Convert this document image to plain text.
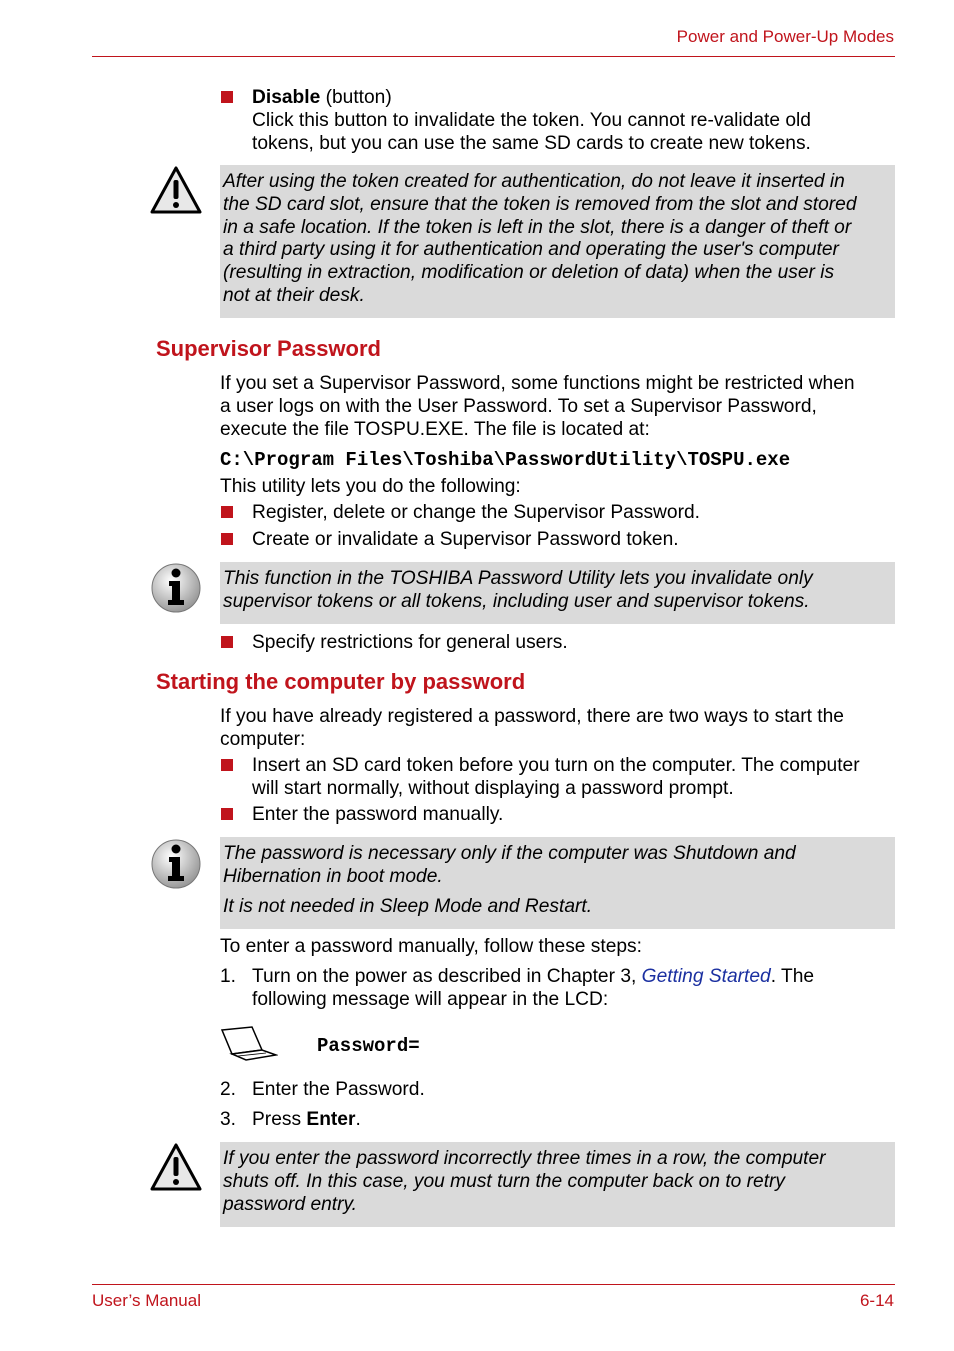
Power and Power-Up Modes
Disable (button)
Click this button to invalidate the token. You cannot re-validate old
tokens, but you can use the same SD cards to create new tokens.

After using the token created for authentication, do not leave it inserted in

the SD card slot, ensure that the token is removed from the slot and stored

in a safe location. If the token is left in the slot, there is a danger of theft or

a third party using it for authentication and operating the user's computer

(resulting in extraction, modification or deletion of data) when the user is

not at their desk.

Supervisor Password
If you set a Supervisor Password, some functions might be restricted when
a user logs on with the User Password. To set a Supervisor Password,
execute the file TOSPU.EXE. The file is located at:
C:\Program Files\Toshiba\PasswordUtility\TOSPU.exe
This utility lets you do the following:
Register, delete or change the Supervisor Password.
Create or invalidate a Supervisor Password token.

This function in the TOSHIBA Password Utility lets you invalidate only

supervisor tokens or all tokens, including user and supervisor tokens.

Specify restrictions for general users.
Starting the computer by password
If you have already registered a password, there are two ways to start the
computer:
Insert an SD card token before you turn on the computer. The computer
will start normally, without displaying a password prompt.
Enter the password manually.

The password is necessary only if the computer was Shutdown and

Hibernation in boot mode.

It is not needed in Sleep Mode and Restart.

To enter a password manually, follow these steps:
1. Turn on the power as described in Chapter 3, Getting Started. The
following message will appear in the LCD:
Password=
2. Enter the Password.
3. Press Enter.

If you enter the password incorrectly three times in a row, the computer

shuts off. In this case, you must turn the computer back on to retry

password entry.

User’s Manual	6-14
